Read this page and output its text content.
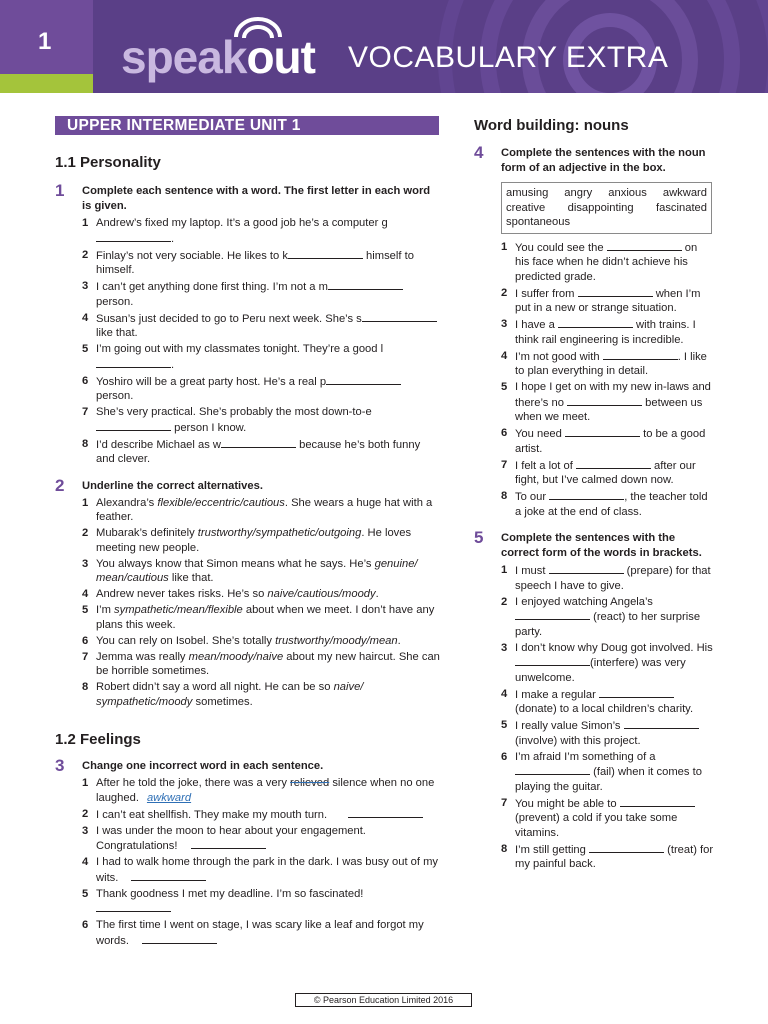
1 speakout VOCABULARY EXTRA
UPPER INTERMEDIATE UNIT 1
1.1 Personality
1 Complete each sentence with a word. The first letter in each word is given.
1 Andrew’s fixed my laptop. It’s a good job he’s a computer g.
2 Finlay’s not very sociable. He likes to k	himself to himself.
3 I can’t get anything done first thing. I’m not a m person.
4 Susan’s just decided to go to Peru next week. She’s s like that.
5 I’m going out with my classmates tonight. They’re a good l.
6 Yoshiro will be a great party host. He’s a real p person.
7 She’s very practical. She’s probably the most down-to-e person I know.
8 I’d describe Michael as w	because he’s both funny and clever.
2 Underline the correct alternatives.
1 Alexandra’s flexible/eccentric/cautious. She wears a huge hat with a feather.
2 Mubarak’s definitely trustworthy/sympathetic/outgoing. He loves meeting new people.
3 You always know that Simon means what he says. He’s genuine/ mean/cautious like that.
4 Andrew never takes risks. He’s so naive/cautious/moody.
5 I’m sympathetic/mean/flexible about when we meet. I don’t have any plans this week.
6 You can rely on Isobel. She’s totally trustworthy/moody/mean.
7 Jemma was really mean/moody/naive about my new haircut. She can be horrible sometimes.
8 Robert didn’t say a word all night. He can be so naive/ sympathetic/moody sometimes.
1.2 Feelings
3 Change one incorrect word in each sentence.
1 After he told the joke, there was a very relieved silence when no one laughed. awkward
2 I can’t eat shellfish. They make my mouth turn.
3 I was under the moon to hear about your engagement. Congratulations!
4 I had to walk home through the park in the dark. I was busy out of my wits.
5 Thank goodness I met my deadline. I’m so fascinated!

6 The first time I went on stage, I was scary like a leaf and forgot my words.
Word building: nouns
4 Complete the sentences with the noun form of an adjective in the box.
amusing angry anxious awkward creative disappointing fascinated spontaneous
1 You could see the	on his face when he didn’t achieve his predicted grade.
2 I suffer from	when I’m put in a new or strange situation.
3 I have a	with trains. I think rail engineering is incredible.
4 I’m not good with	. I like to plan everything in detail.
5 I hope I get on with my new in-laws and there’s no	between us when we meet.
6 You need	to be a good artist.
7 I felt a lot of	after our fight, but I’ve calmed down now.
8 To our	, the teacher told a joke at the end of class.
5 Complete the sentences with the correct form of the words in brackets.
1 I must	(prepare) for that speech I have to give.
2 I enjoyed watching Angela’s  (react) to her surprise party.
3 I don’t know why Doug got involved. His (interfere) was very unwelcome.
4 I make a regular  (donate) to a local children’s charity.
5 I really value Simon’s  (involve) with this project.
6 I’m afraid I’m something of a  (fail) when it comes to playing the guitar.
7 You might be able to  (prevent) a cold if you take some vitamins.
8 I’m still getting	(treat) for my painful back.
© Pearson Education Limited 2016
